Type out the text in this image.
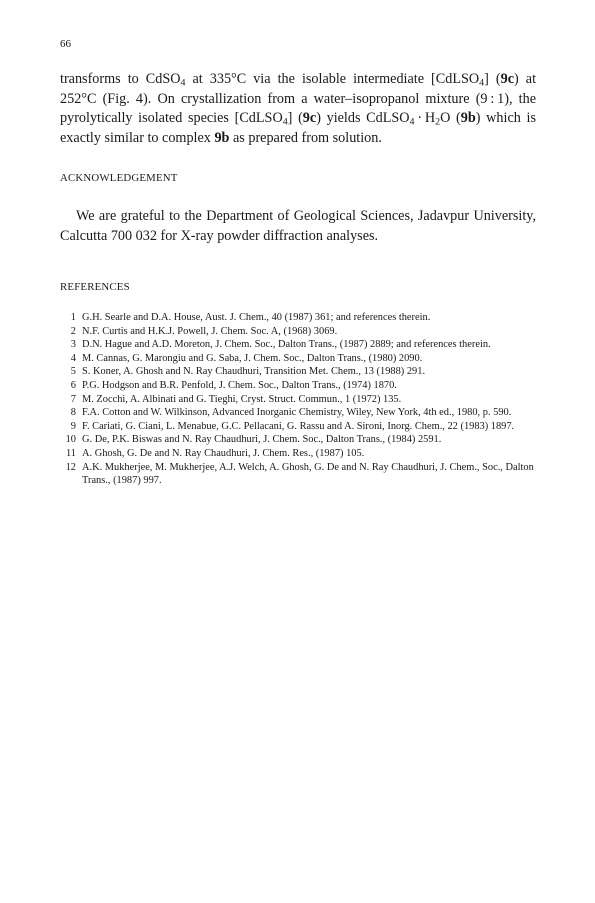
66
transforms to CdSO$_4$ at 335°C via the isolable intermediate [CdLSO$_4$] (9c) at 252°C (Fig. 4). On crystallization from a water–isopropanol mixture (9 : 1), the pyrolytically isolated species [CdLSO$_4$] (9c) yields CdLSO$_4$ · $H_2O$ (9b) which is exactly similar to complex 9b as prepared from solution.
ACKNOWLEDGEMENT
We are grateful to the Department of Geological Sciences, Jadavpur University, Calcutta 700 032 for X-ray powder diffraction analyses.
REFERENCES
1 G.H. Searle and D.A. House, Aust. J. Chem., 40 (1987) 361; and references therein.
2 N.F. Curtis and H.K.J. Powell, J. Chem. Soc. A, (1968) 3069.
3 D.N. Hague and A.D. Moreton, J. Chem. Soc., Dalton Trans., (1987) 2889; and references therein.
4 M. Cannas, G. Marongiu and G. Saba, J. Chem. Soc., Dalton Trans., (1980) 2090.
5 S. Koner, A. Ghosh and N. Ray Chaudhuri, Transition Met. Chem., 13 (1988) 291.
6 P.G. Hodgson and B.R. Penfold, J. Chem. Soc., Dalton Trans., (1974) 1870.
7 M. Zocchi, A. Albinati and G. Tieghi, Cryst. Struct. Commun., 1 (1972) 135.
8 F.A. Cotton and W. Wilkinson, Advanced Inorganic Chemistry, Wiley, New York, 4th ed., 1980, p. 590.
9 F. Cariati, G. Ciani, L. Menabue, G.C. Pellacani, G. Rassu and A. Sironi, Inorg. Chem., 22 (1983) 1897.
10 G. De, P.K. Biswas and N. Ray Chaudhuri, J. Chem. Soc., Dalton Trans., (1984) 2591.
11 A. Ghosh, G. De and N. Ray Chaudhuri, J. Chem. Res., (1987) 105.
12 A.K. Mukherjee, M. Mukherjee, A.J. Welch, A. Ghosh, G. De and N. Ray Chaudhuri, J. Chem., Soc., Dalton Trans., (1987) 997.
